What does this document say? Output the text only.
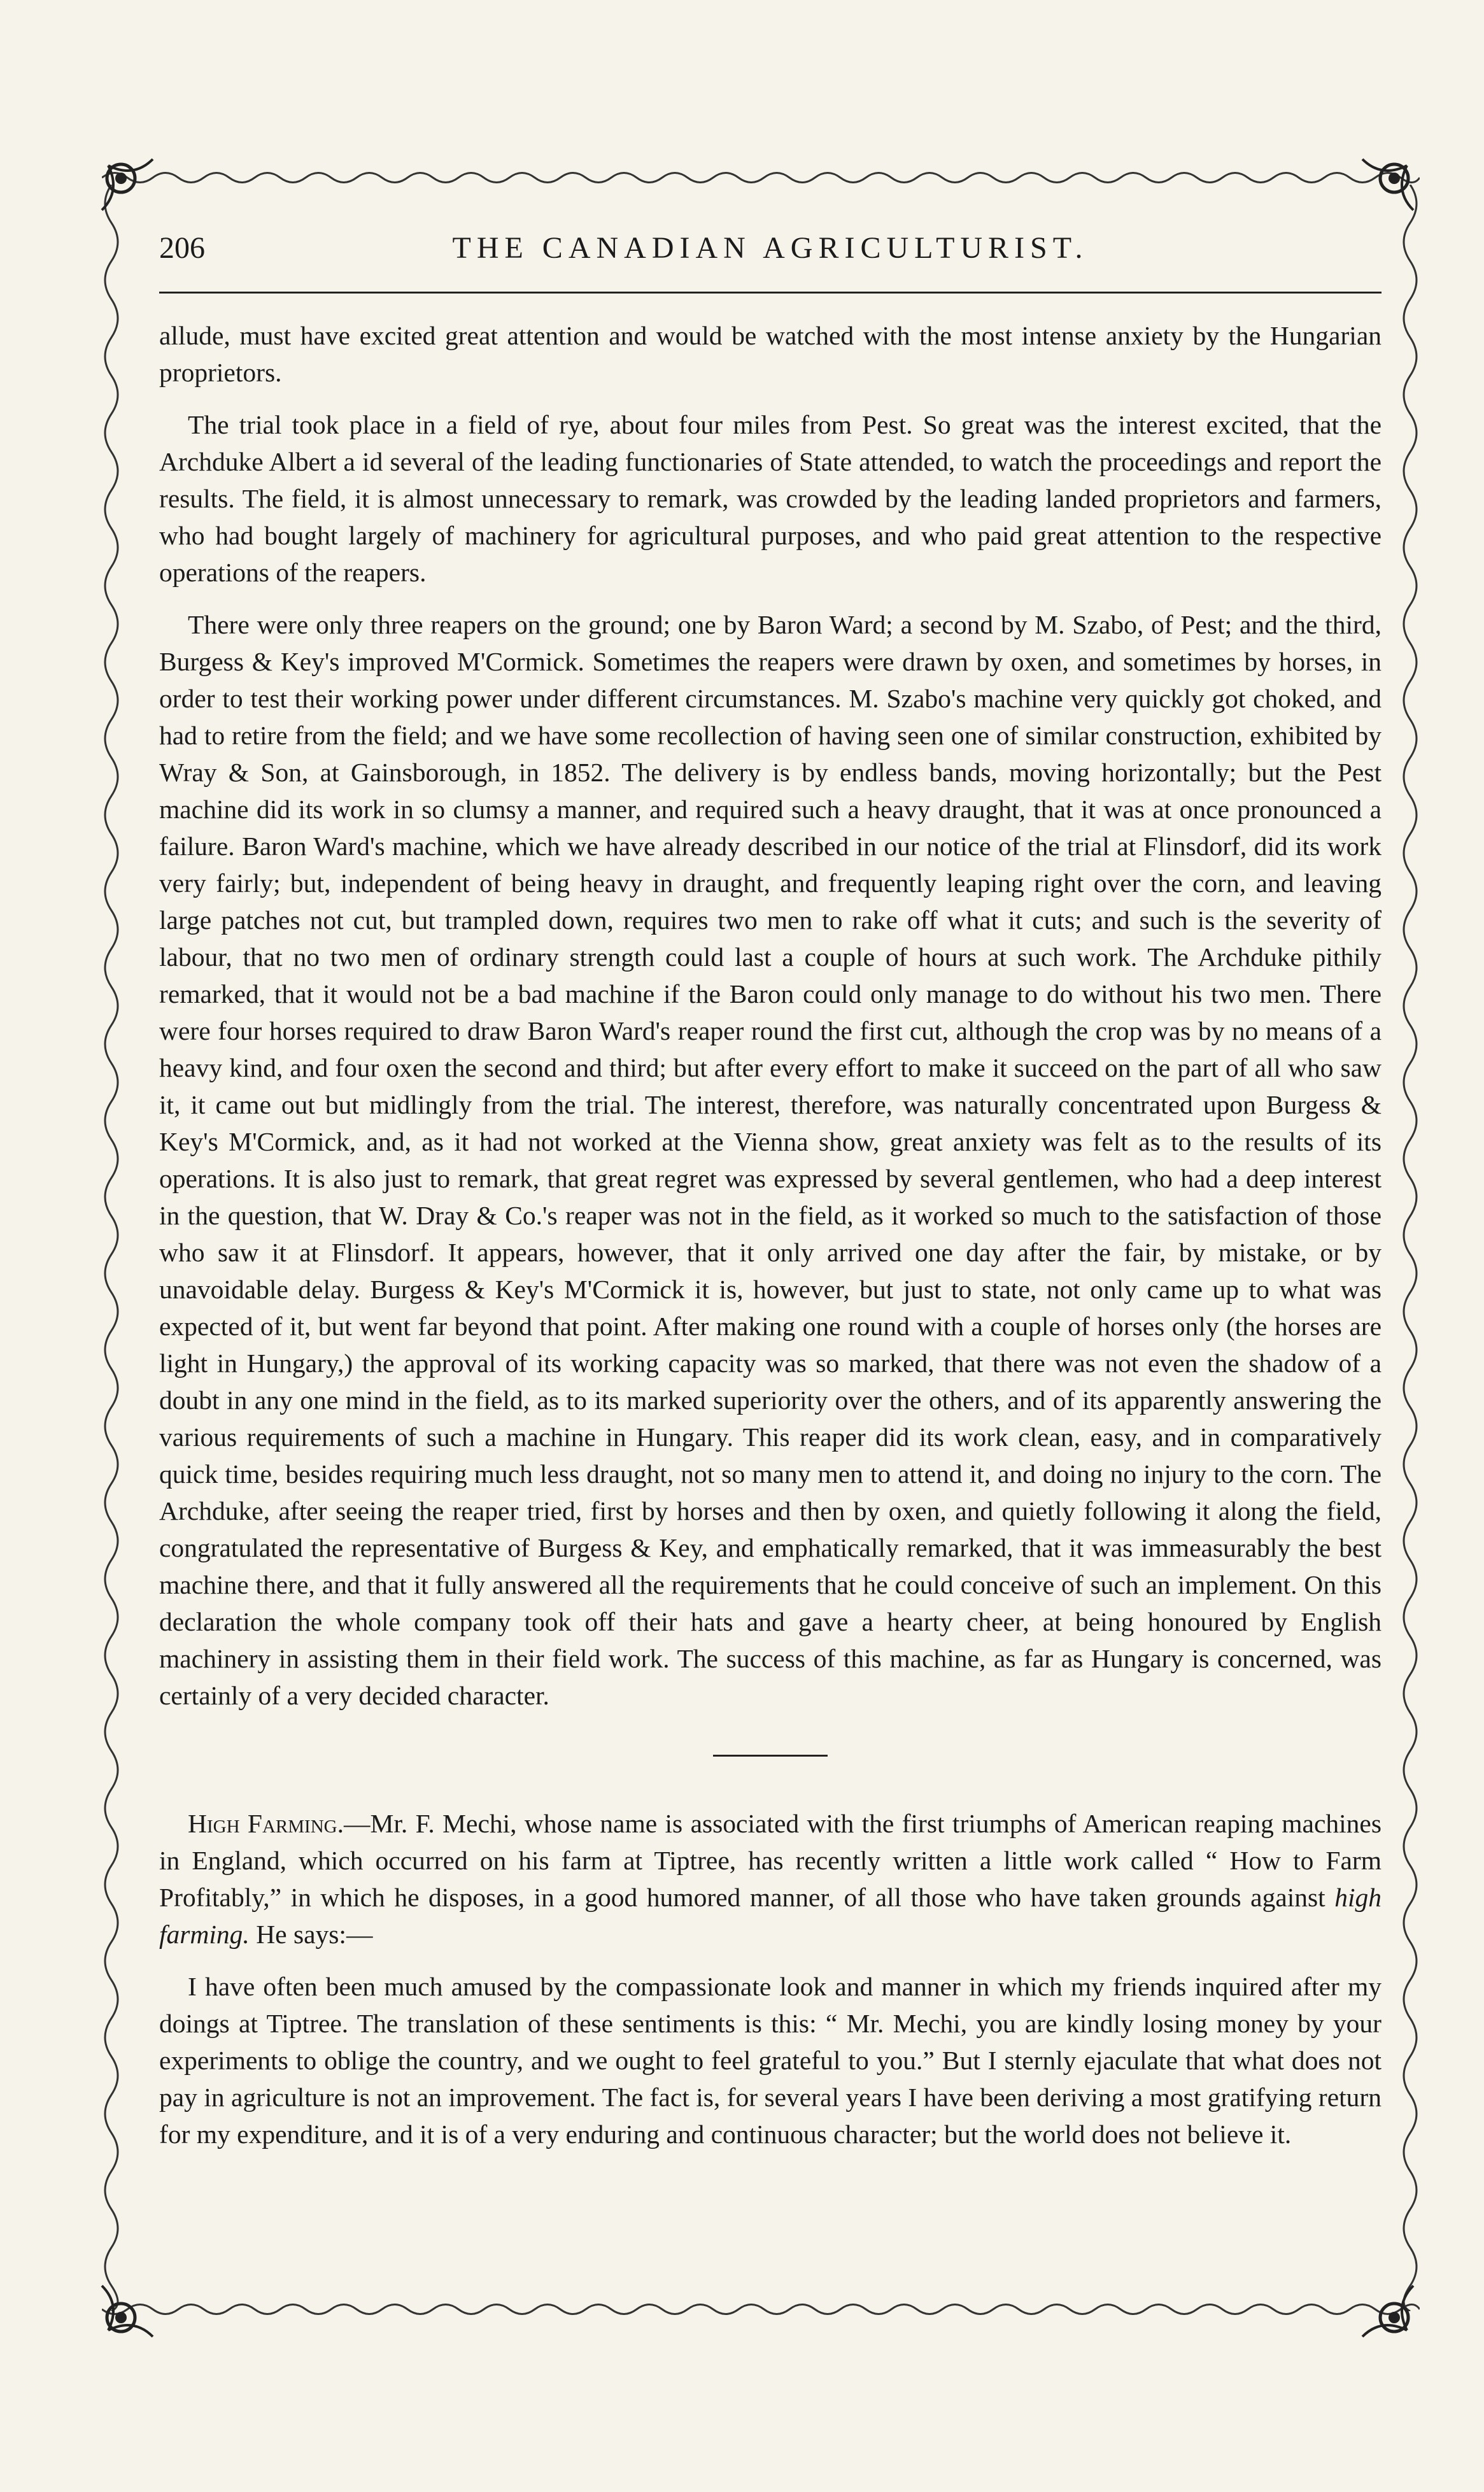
206	THE CANADIAN AGRICULTURIST.

allude, must have excited great attention and would be watched with the most intense anxiety by the Hungarian proprietors.

The trial took place in a field of rye, about four miles from Pest. So great was the interest excited, that the Archduke Albert a id several of the leading functionaries of State attended, to watch the proceedings and report the results. The field, it is almost unnecessary to remark, was crowded by the leading landed proprietors and farmers, who had bought largely of machinery for agricultural purposes, and who paid great attention to the respective operations of the reapers.

There were only three reapers on the ground; one by Baron Ward; a second by M. Szabo, of Pest; and the third, Burgess & Key's improved M'Cormick. Sometimes the reapers were drawn by oxen, and sometimes by horses, in order to test their working power under different circumstances. M. Szabo's machine very quickly got choked, and had to retire from the field; and we have some recollection of having seen one of similar construction, exhibited by Wray & Son, at Gainsborough, in 1852. The delivery is by endless bands, moving horizontally; but the Pest machine did its work in so clumsy a manner, and required such a heavy draught, that it was at once pronounced a failure. Baron Ward's machine, which we have already described in our notice of the trial at Flinsdorf, did its work very fairly; but, independent of being heavy in draught, and frequently leaping right over the corn, and leaving large patches not cut, but trampled down, requires two men to rake off what it cuts; and such is the severity of labour, that no two men of ordinary strength could last a couple of hours at such work. The Archduke pithily remarked, that it would not be a bad machine if the Baron could only manage to do without his two men. There were four horses required to draw Baron Ward's reaper round the first cut, although the crop was by no means of a heavy kind, and four oxen the second and third; but after every effort to make it succeed on the part of all who saw it, it came out but midlingly from the trial. The interest, therefore, was naturally concentrated upon Burgess & Key's M'Cormick, and, as it had not worked at the Vienna show, great anxiety was felt as to the results of its operations. It is also just to remark, that great regret was expressed by several gentlemen, who had a deep interest in the question, that W. Dray & Co.'s reaper was not in the field, as it worked so much to the satisfaction of those who saw it at Flinsdorf. It appears, however, that it only arrived one day after the fair, by mistake, or by unavoidable delay. Burgess & Key's M'Cormick it is, however, but just to state, not only came up to what was expected of it, but went far beyond that point. After making one round with a couple of horses only (the horses are light in Hungary,) the approval of its working capacity was so marked, that there was not even the shadow of a doubt in any one mind in the field, as to its marked superiority over the others, and of its apparently answering the various requirements of such a machine in Hungary. This reaper did its work clean, easy, and in comparatively quick time, besides requiring much less draught, not so many men to attend it, and doing no injury to the corn. The Archduke, after seeing the reaper tried, first by horses and then by oxen, and quietly following it along the field, congratulated the representative of Burgess & Key, and emphatically remarked, that it was immeasurably the best machine there, and that it fully answered all the requirements that he could conceive of such an implement. On this declaration the whole company took off their hats and gave a hearty cheer, at being honoured by English machinery in assisting them in their field work. The success of this machine, as far as Hungary is concerned, was certainly of a very decided character.

High Farming.—Mr. F. Mechi, whose name is associated with the first triumphs of American reaping machines in England, which occurred on his farm at Tiptree, has recently written a little work called “ How to Farm Profitably,” in which he disposes, in a good humored manner, of all those who have taken grounds against high farming. He says:—

I have often been much amused by the compassionate look and manner in which my friends inquired after my doings at Tiptree. The translation of these sentiments is this: “ Mr. Mechi, you are kindly losing money by your experiments to oblige the country, and we ought to feel grateful to you.” But I sternly ejaculate that what does not pay in agriculture is not an improvement. The fact is, for several years I have been deriving a most gratifying return for my expenditure, and it is of a very enduring and continuous character; but the world does not believe it.
